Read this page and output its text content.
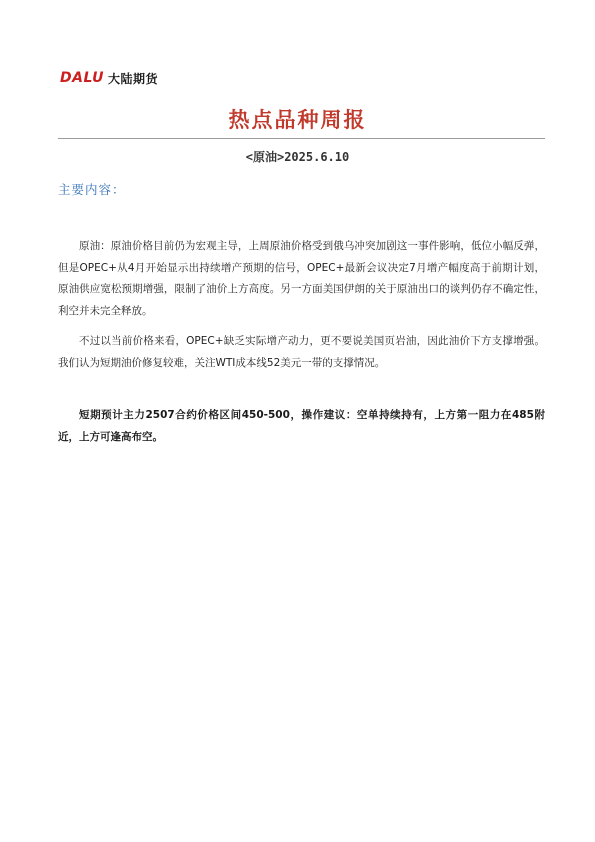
DALU 大陆期货
热点品种周报
<原油>2025.6.10
主要内容：

原油：原油价格目前仍为宏观主导，上周原油价格受到俄乌冲突加剧这一事件影响，低位小幅反弹，但是OPEC+从4月开始显示出持续增产预期的信号，OPEC+最新会议决定7月增产幅度高于前期计划，原油供应宽松预期增强，限制了油价上方高度。另一方面美国伊朗的关于原油出口的谈判仍存不确定性，利空并未完全释放。

不过以当前价格来看，OPEC+缺乏实际增产动力，更不要说美国页岩油，因此油价下方支撑增强。我们认为短期油价修复较难，关注WTI成本线52美元一带的支撑情况。

短期预计主力2507合约价格区间450-500，操作建议：空单持续持有，上方第一阻力在485附近，上方可逢高布空。
